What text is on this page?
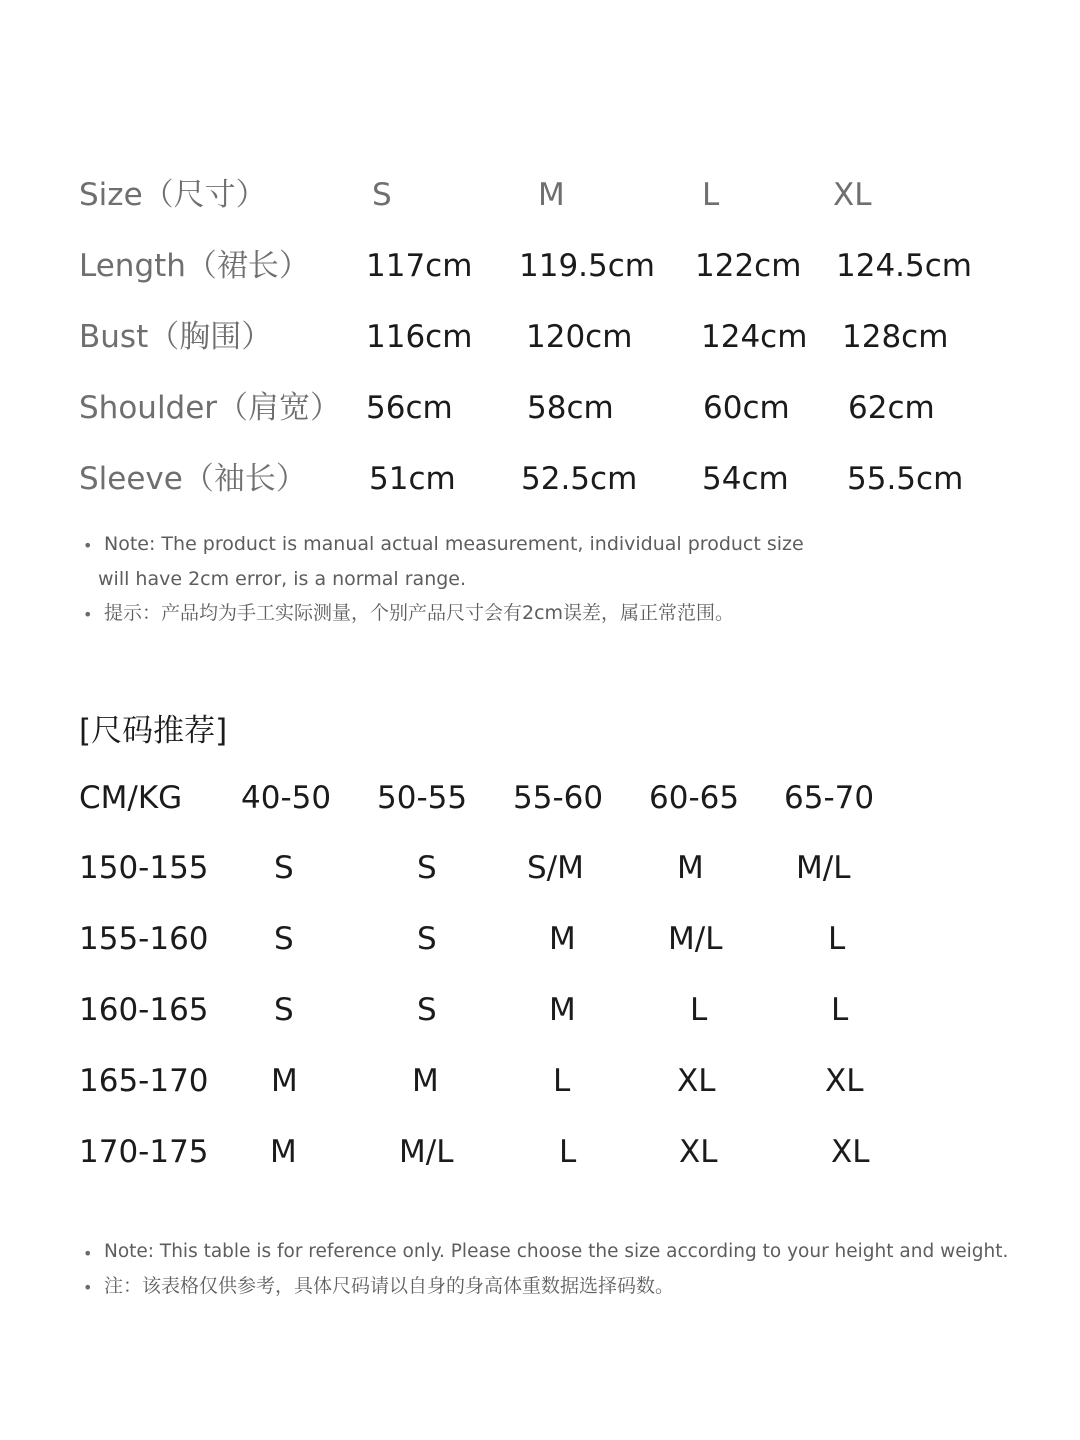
Size（尺寸）	S	M	L	XL
Length（裙长） 117cm 119.5cm 122cm 124.5cm
Bust（胸围）	116cm 120cm 124cm 128cm
Shoulder（肩宽） 56cm 58cm	60cm 62cm
Sleeve（袖长） 51cm 52.5cm 54cm 55.5cm
• Note: The product is manual actual measurement, individual product size
will have 2cm error, is a normal range.
• 提示：产品均为手工实际测量，个别产品尺寸会有2cm误差，属正常范围。
[尺码推荐]
CM/KG 40-50 50-55 55-60 60-65 65-70
150-155 S	S	S/M	M	M/L
155-160 S	S	M	M/L	L
160-165 S	S	M	L	L
165-170 M	M	L	XL	XL
170-175 M	M/L	L	XL	XL
• Note: This table is for reference only. Please choose the size according to your height and weight.
• 注：该表格仅供参考，具体尺码请以自身的身高体重数据选择码数。
